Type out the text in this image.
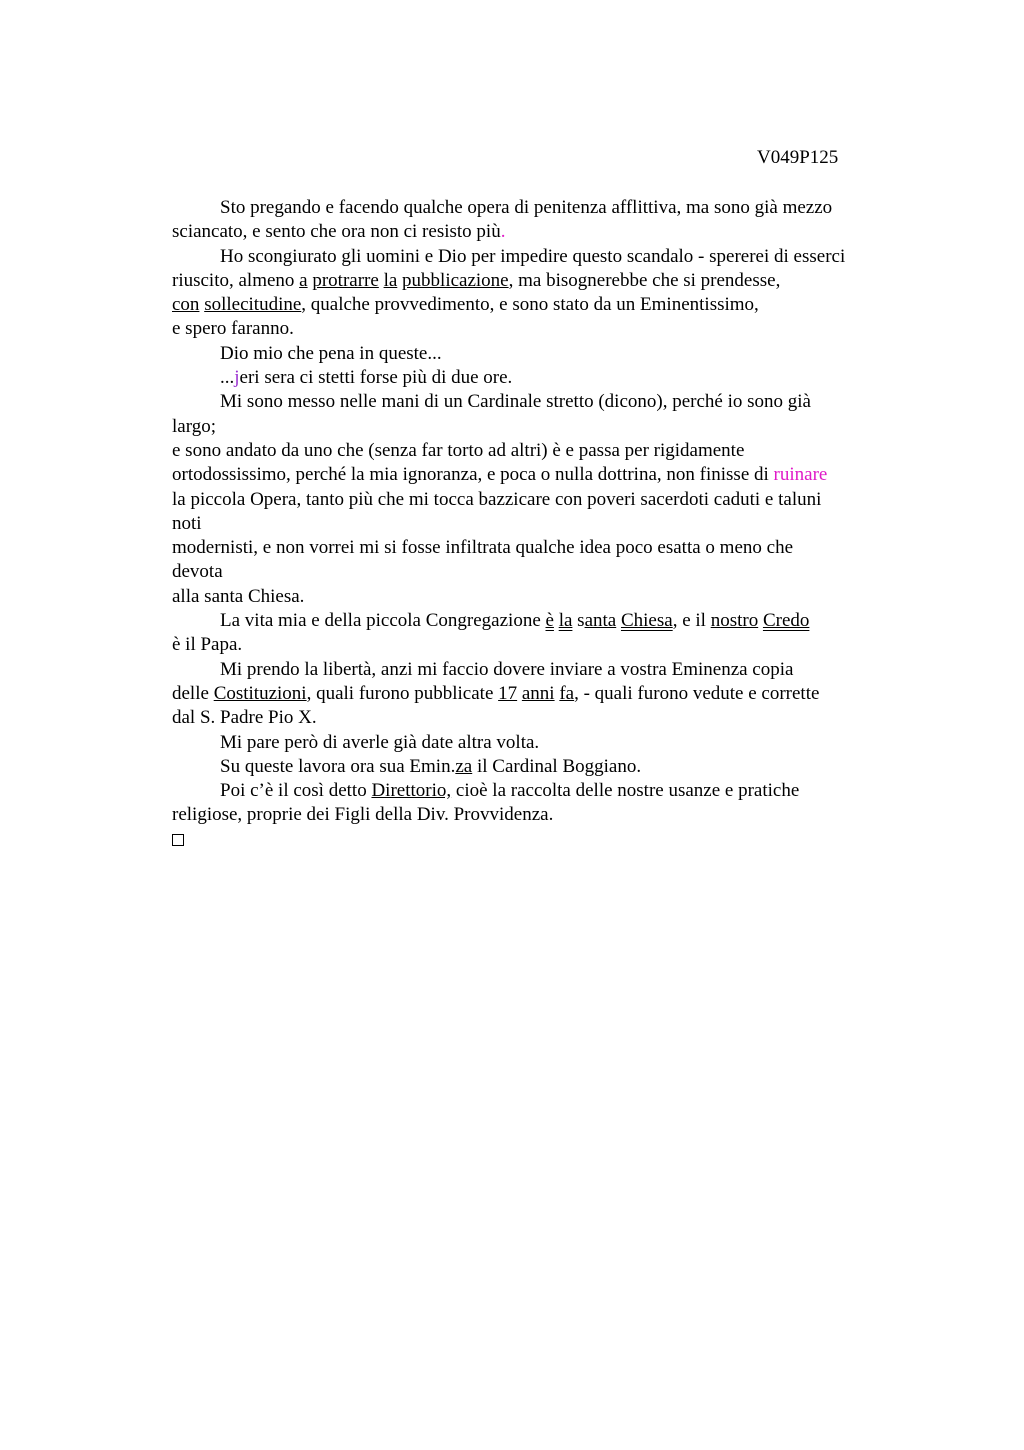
V049P125
Sto pregando e facendo qualche opera di penitenza afflittiva, ma sono già mezzo
sciancato, e sento che ora non ci resisto più.
Ho scongiurato gli uomini e Dio per impedire questo scandalo - spererei di esserci
riuscito, almeno a protrarre la pubblicazione, ma bisognerebbe che si prendesse,
con sollecitudine, qualche provvedimento, e sono stato da un Eminentissimo,
e spero faranno.
Dio mio che pena in queste...
...jeri sera ci stetti forse più di due ore.
Mi sono messo nelle mani di un Cardinale stretto (dicono), perché io sono già
largo;
e sono andato da uno che (senza far torto ad altri) è e passa per rigidamente
ortodossissimo, perché la mia ignoranza, e poca o nulla dottrina, non finisse di ruinare
la piccola Opera, tanto più che mi tocca bazzicare con poveri sacerdoti caduti e taluni
noti
modernisti, e non vorrei mi si fosse infiltrata qualche idea poco esatta o meno che
devota
alla santa Chiesa.
La vita mia e della piccola Congregazione è la santa Chiesa, e il nostro Credo
è il Papa.
Mi prendo la libertà, anzi mi faccio dovere inviare a vostra Eminenza copia
delle Costituzioni, quali furono pubblicate 17 anni fa, - quali furono vedute e corrette
dal S. Padre Pio X.
Mi pare però di averle già date altra volta.
Su queste lavora ora sua Emin.za il Cardinal Boggiano.
Poi c’è il così detto Direttorio, cioè la raccolta delle nostre usanze e pratiche
religiose, proprie dei Figli della Div. Provvidenza.
